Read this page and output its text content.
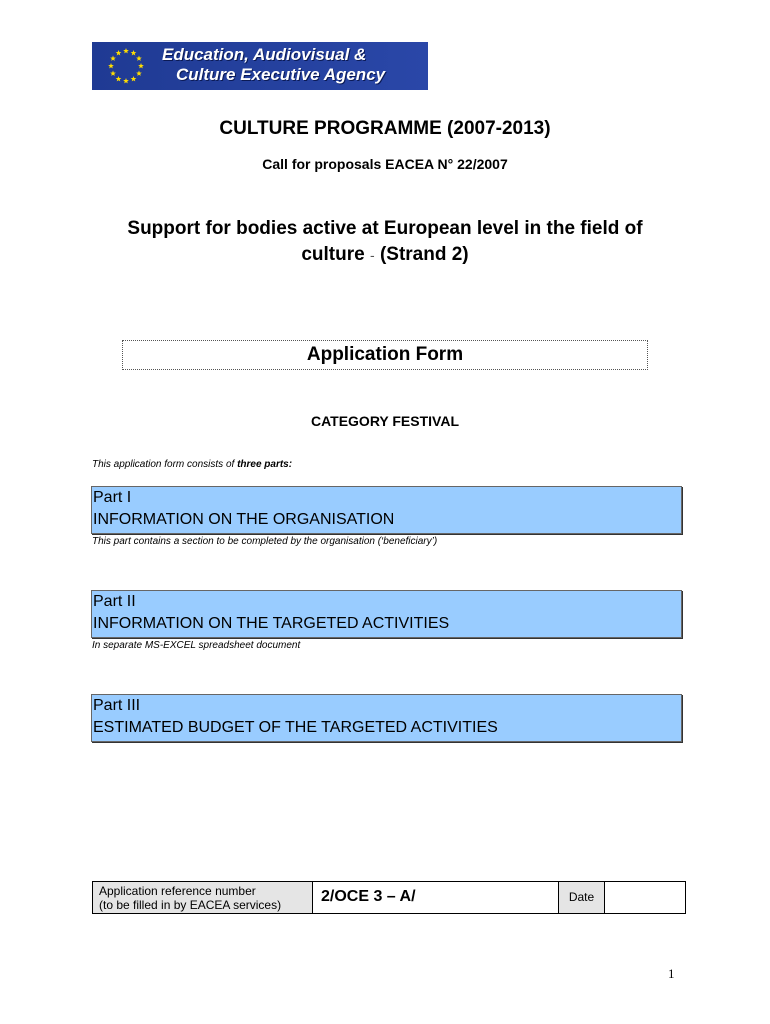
Education, Audiovisual &
Culture Executive Agency
CULTURE PROGRAMME (2007-2013)
Call for proposals EACEA N° 22/2007
Support for bodies active at European level in the field of
culture - (Strand 2)
Application Form
CATEGORY FESTIVAL
This application form consists of three parts:
Part I
INFORMATION ON THE ORGANISATION
This part contains a section to be completed by the organisation (‘beneficiary’)
Part II
INFORMATION ON THE TARGETED ACTIVITIES
In separate MS-EXCEL spreadsheet document
Part III
ESTIMATED BUDGET OF THE TARGETED ACTIVITIES
Application reference number
(to be filled in by EACEA services)	2/OCE 3 – A/	Date
1
